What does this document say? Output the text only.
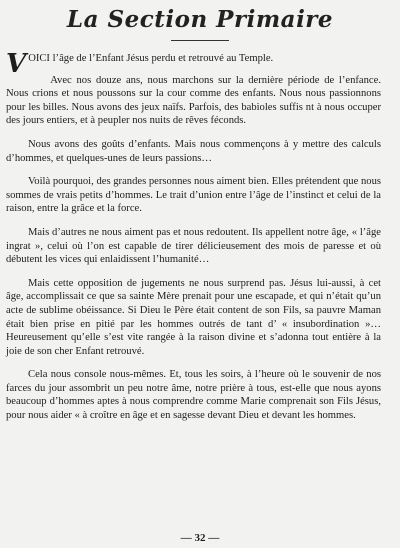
La Section Primaire

VOICI l’âge de l’Enfant Jésus perdu et retrouvé au Temple.

Avec nos douze ans, nous marchons sur la dernière période de l’enfance. Nous crions et nous poussons sur la cour comme des enfants. Nous nous passionnons pour les billes. Nous avons des jeux naïfs. Parfois, des babioles suffis nt à nous occuper des jours entiers, et à peupler nos nuits de rêves féconds.

Nous avons des goûts d’enfants. Mais nous commençons à y mettre des calculs d’hommes, et quelques-unes de leurs passions…

Voilà pourquoi, des grandes personnes nous aiment bien. Elles prétendent que nous sommes de vrais petits d’hommes. Le trait d’union entre l’âge de l’instinct et celui de la raison, entre la grâce et la force.

Mais d’autres ne nous aiment pas et nous redoutent. Ils appellent notre âge, « l’âge ingrat », celui où l’on est capable de tirer délicieusement des mois de paresse et où débutent les vices qui enlaidissent l’humanité…

Mais cette opposition de jugements ne nous surprend pas. Jésus lui-aussi, à cet âge, accomplissait ce que sa sainte Mère prenait pour une escapade, et qui n’était qu’un acte de sublime obéissance. Si Dieu le Père était content de son Fils, sa pauvre Maman était bien prise en pitié par les hommes outrés de tant d’ « insubordination »… Heureusement qu’elle s’est vite rangée à la raison divine et s’adonna tout entière à la joie de son cher Enfant retrouvé.

Cela nous console nous-mêmes. Et, tous les soirs, à l’heure où le souvenir de nos farces du jour assombrit un peu notre âme, notre prière à tous, est-elle que nous ayons beaucoup d’hommes aptes à nous comprendre comme Marie comprenait son Fils Jésus, pour nous aider « à croître en âge et en sagesse devant Dieu et devant les hommes.

— 32 —
